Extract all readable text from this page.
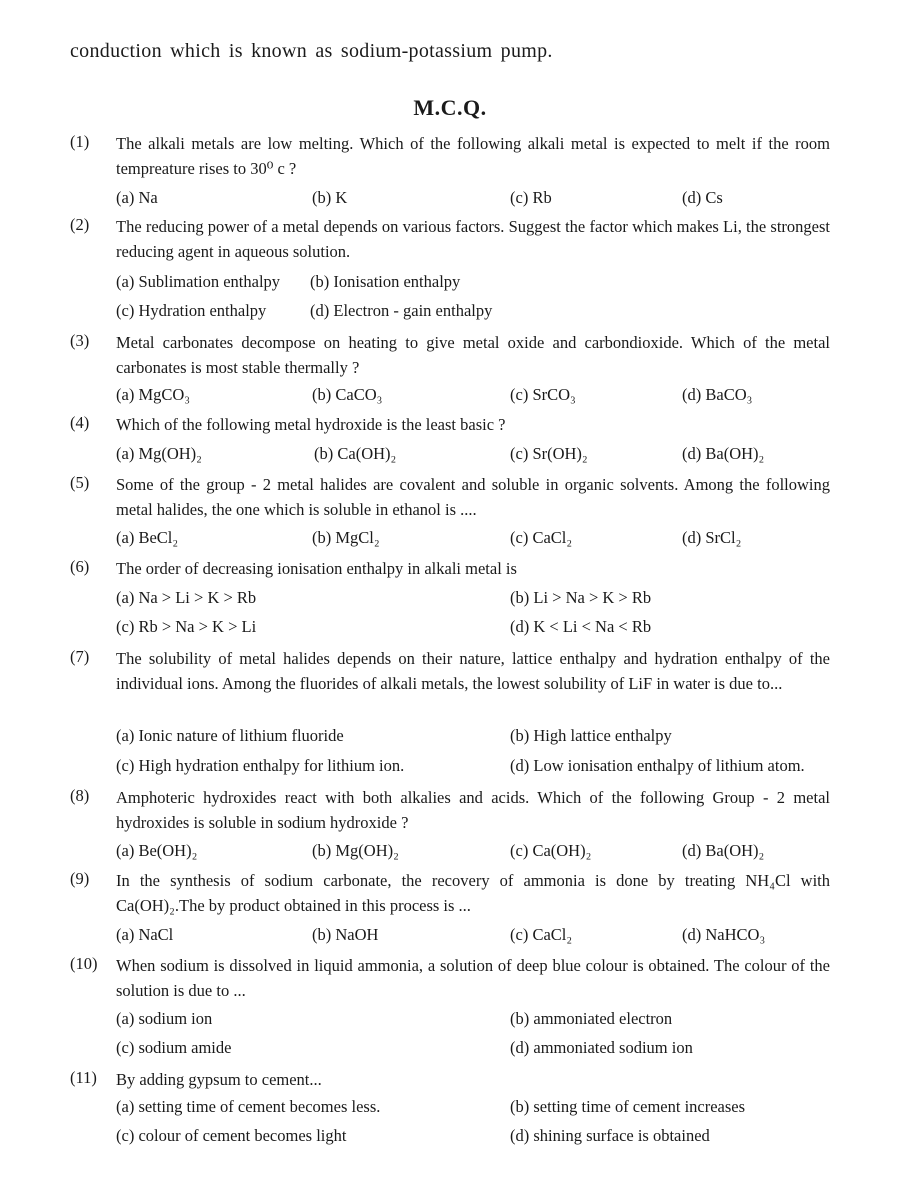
conduction which is known as sodium-potassium pump.
M.C.Q.
(1) The alkali metals are low melting. Which of the following alkali metal is expected to melt if the room tempreature rises to 30⁰ c ?
(a) Na	(b) K	(c) Rb	(d) Cs
(2) The reducing power of a metal depends on various factors. Suggest the factor which makes Li, the strongest reducing agent in aqueous solution.
(a) Sublimation enthalpy (b) Ionisation enthalpy
(c) Hydration enthalpy	(d) Electron - gain enthalpy
(3) Metal carbonates decompose on heating to give metal oxide and carbondioxide. Which of the metal carbonates is most stable thermally ?
(a) MgCO₃	(b) CaCO₃	(c) SrCO₃	(d) BaCO₃
(4) Which of the following metal hydroxide is the least basic ?
(a) Mg(OH)₂	(b) Ca(OH)₂	(c) Sr(OH)₂	(d) Ba(OH)₂
(5) Some of the group - 2 metal halides are covalent and soluble in organic solvents. Among the following metal halides, the one which is soluble in ethanol is ....
(a) BeCl₂	(b) MgCl₂	(c) CaCl₂	(d) SrCl₂
(6) The order of decreasing ionisation enthalpy in alkali metal is
(a) Na > Li > K > Rb	(b) Li > Na > K > Rb
(c) Rb > Na > K > Li	(d) K < Li < Na < Rb
(7) The solubility of metal halides depends on their nature, lattice enthalpy and hydration enthalpy of the individual ions. Among the fluorides of alkali metals, the lowest solubility of LiF in water is due to...
(a) Ionic nature of lithium fluoride	(b) High lattice enthalpy
(c) High hydration enthalpy for lithium ion.	(d) Low ionisation enthalpy of lithium atom.
(8) Amphoteric hydroxides react with both alkalies and acids. Which of the following Group - 2 metal hydroxides is soluble in sodium hydroxide ?
(a) Be(OH)₂	(b) Mg(OH)₂	(c) Ca(OH)₂	(d) Ba(OH)₂
(9) In the synthesis of sodium carbonate, the recovery of ammonia is done by treating NH₄Cl with Ca(OH)₂.The by product obtained in this process is ...
(a) NaCl	(b) NaOH	(c) CaCl₂	(d) NaHCO₃
(10) When sodium is dissolved in liquid ammonia, a solution of deep blue colour is obtained. The colour of the solution is due to ...
(a) sodium ion	(b) ammoniated electron
(c) sodium amide	(d) ammoniated sodium ion
(11) By adding gypsum to cement...
(a) setting time of cement becomes less.	(b) setting time of cement increases
(c) colour of cement becomes light	(d) shining surface is obtained
